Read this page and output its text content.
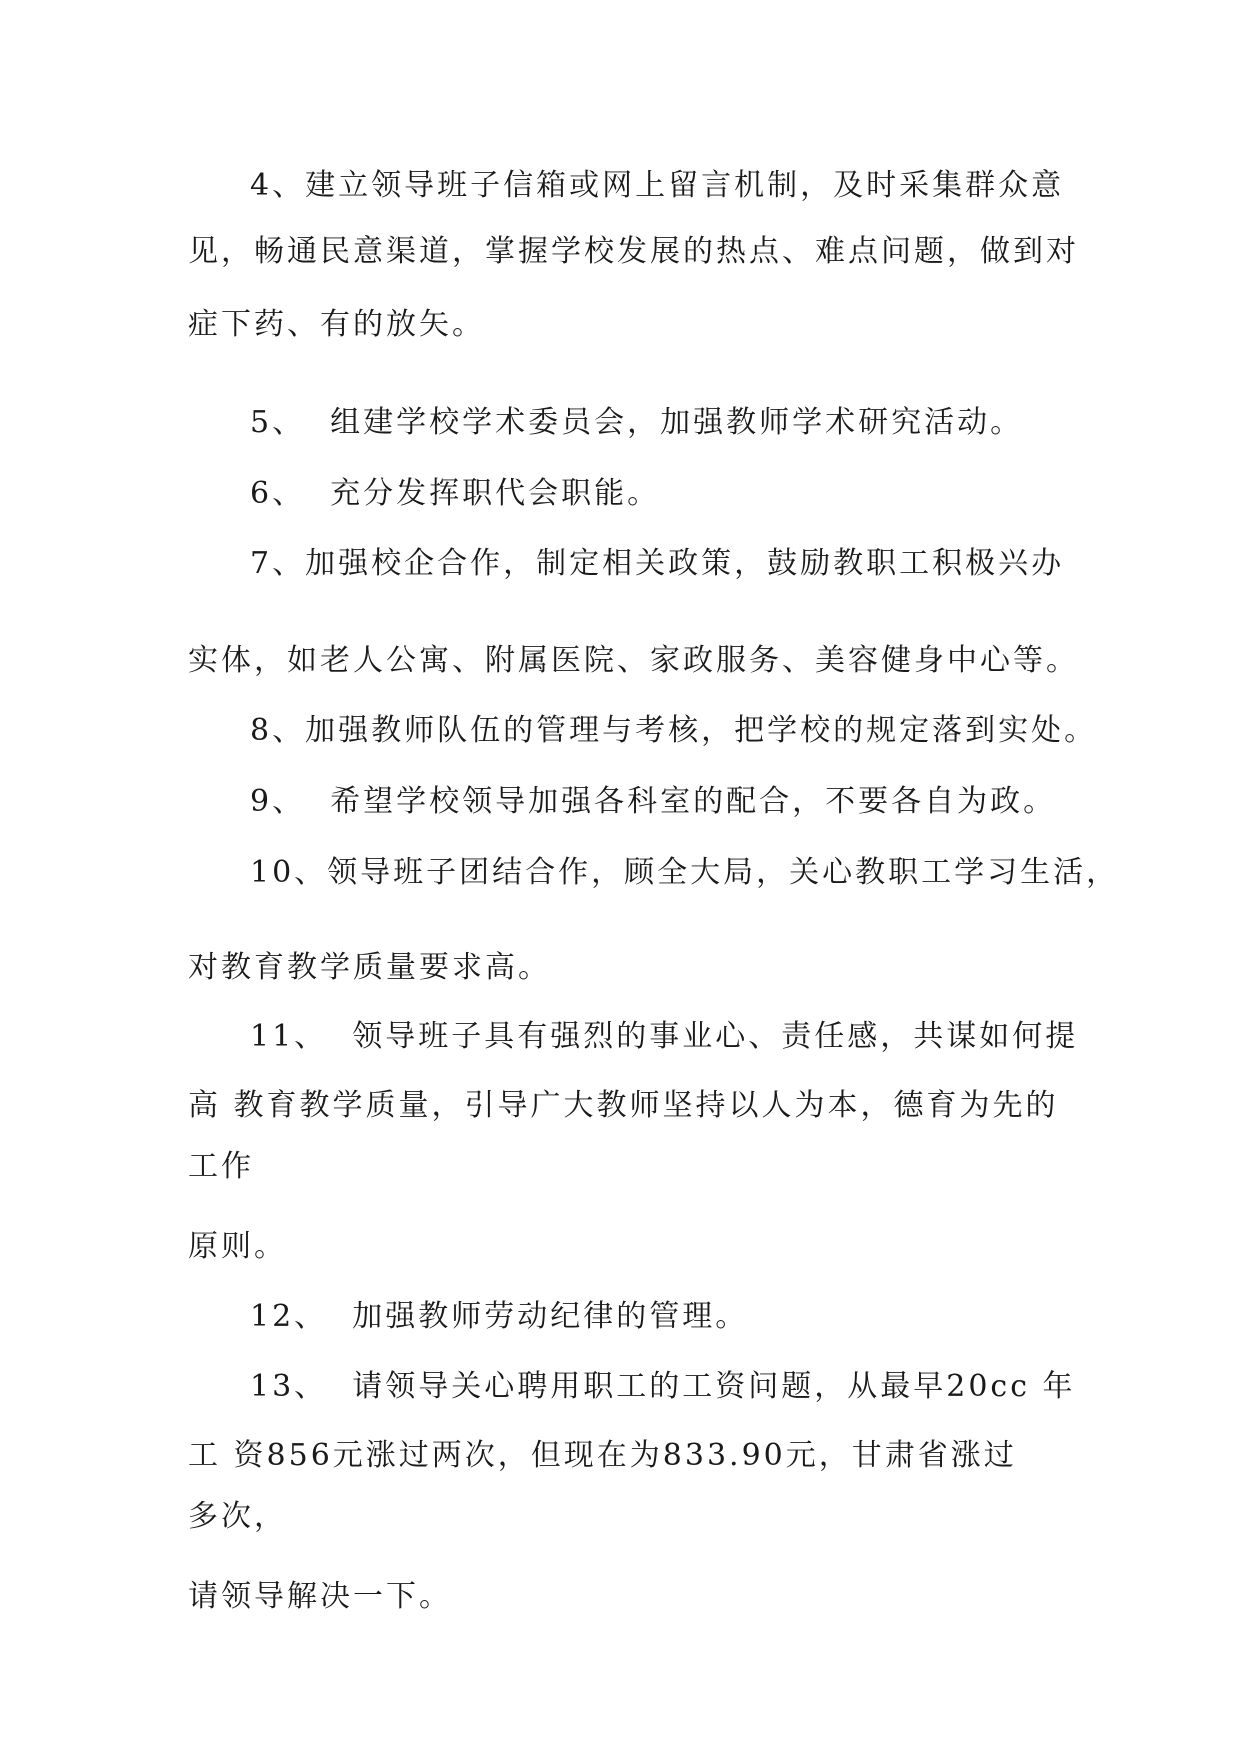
4、建立领导班子信箱或网上留言机制，及时采集群众意

见，畅通民意渠道，掌握学校发展的热点、难点问题，做到对

症下药、有的放矢。

5、  组建学校学术委员会，加强教师学术研究活动。

6、  充分发挥职代会职能。

7、加强校企合作，制定相关政策，鼓励教职工积极兴办

实体，如老人公寓、附属医院、家政服务、美容健身中心等。

8、加强教师队伍的管理与考核，把学校的规定落到实处。

9、  希望学校领导加强各科室的配合，不要各自为政。

10、领导班子团结合作，顾全大局，关心教职工学习生活，

对教育教学质量要求高。

11、  领导班子具有强烈的事业心、责任感，共谋如何提

高 教育教学质量，引导广大教师坚持以人为本，德育为先的

工作

原则。

12、  加强教师劳动纪律的管理。

13、  请领导关心聘用职工的工资问题，从最早20cc 年

工 资856元涨过两次，但现在为833.90元，甘肃省涨过

多次，

请领导解决一下。
